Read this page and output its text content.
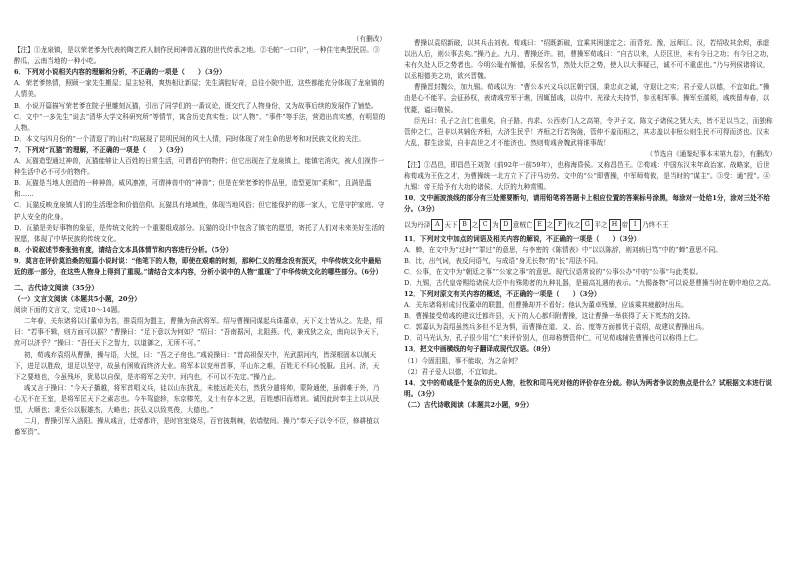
（有删改）

【注】①龙泉镇，是以荣老爹为代表的陶艺匠人制作民间神兽瓦猫的世代传承之地。②毛帕“一口印”，一种住宅典型民居。③醉瓜，云南当地的一种小吃。

6．下列对小说相关内容的理解和分析，不正确的一项是（　　）（3分）

A．荣老爹热情，照顾一家先生搬屋；屋主轻利，爽热相让新屋；先生满腔好奇，总往小院中逛，这些都能充分体现了龙泉镇的人情美。

B．小说开篇描写荣老爹在院子里雕刻瓦猫，引出了同学们的一番议论，既交代了人物身份，又为故事后续的发展作了铺垫。

C．文中“一多先生”说去“清华大学文科研究所”等情节，寓含历史真实性；以“人物”、“事件”等手法，营造出真实感，有明显的人物。

D．本文与四月份的“一个清退了的山村”均展现了昆明民间的风土人情，同时体现了对生命的思考和对民族文化的关注。

7．下列对“瓦猫”的理解，不正确的一项是（　　）（3分）

A．瓦猫造型通过神兽，瓦猫能够让人百姓的日常生活，可谓看护的物件；但它出现在了龙泉镇上，能镇宅消灾，被人们视作一种生活中必不可少的物件。

B．瓦猫是当地人创造的一种神兽，威风凛凛，可谓神兽中的“神兽”；但是在荣老爹的作品里，造型更加“柔和”，且满是温和……

C．瓦猫反映龙泉镇人们的生活理念和价值信仰。瓦猫具有地域性，体现当地风俗；但它能保护的那一家人，它是守护家庭、守护人安全的化身。

D．瓦猫是美好事物的象征，是传统文化的一个重要组成部分。瓦猫的设计中包含了镇宅的愿望，寄托了人们对未来美好生活的祝愿，体现了中华民族的传统文化。

8．小说叙述节奏张弛有度，请结合文本具体情节和内容进行分析。（5分）

9．莫言在评价莫泊桑的短篇小说时说：“他笔下的人物，即使在艰难的时刻，那种仁义的理念没有泯灭，中华传统文化中最贴近的那一部分，在这些人物身上得到了重现。”请结合文本内容，分析小说中的人物“重现”了中华传统文化的哪些部分。（6分）

二、古代诗文阅读（35分）

（一）文言文阅读（本题共5小题，20分）

阅读下面的文言文，完成10～14题。

二年春，关东诸将以讨董卓为名，推袁绍为盟主，曹操为奋武将军。绍与曹操同谋起兵诛董卓，天下义士皆从之。先是，绍曰：“若事不辑，则方面可以据？”曹操曰：“足下意以为何如？”绍曰：“吾南据河，北阻燕、代，兼戎狄之众，南向以争天下，庶可以济乎？”操曰：“吾任天下之智力，以道御之，无所不可。”

初，荀彧弃袁绍从曹操，操与语，大悦，曰：“吾之子房也。”彧说操曰：“昔高祖保关中，光武据河内，皆深根固本以制天下，进足以胜敌，退足以坚守，故虽有困败而终济大业。将军本以兖州首事，平山东之难，百姓无不归心悦服。且河、济，天下之要地也，今虽残坏，犹易以自保，是亦将军之关中、河内也，不可以不先定。”操乃止。

彧又言于操曰：“今天子播越，将军首唱义兵，徒以山东扰乱，未能远赴关右，然犹分遣将帅，蒙险通使，虽御难于外，乃心无不在王室，是将军匡天下之素志也。今车驾旋轸，东京榛芜，义士有存本之思，百姓感旧而增哀。诚因此时奉主上以从民望，大顺也；秉至公以服雄杰，大略也；扶弘义以致英俊，大德也。”

二月，曹操引军入洛阳。操从彧言，迁帝都许，是时宫室烧尽，百官披荆棘，依墙壁间。操乃“奉天子以令不臣，修耕植以畜军资”。

曹操以袁绍新破，以其兵击刘表。荀彧曰：“绍既新破，宜乘其困遂定之；而背兖、豫，远师江、汉，若绍收其余烬，承虚以出人后，则公事去矣。”操乃止。九月，曹操还许。初，曹操军荀彧曰：“自古以来，人臣匡世，未有今日之功；有今日之功，未有久处人臣之势者也。今明公耻有惭德，乐保名节，然处大臣之势，使人以大事疑己，诚不可不重虑也。”乃与列侯诸将议，以丞相德美之功，欲兴晋魏。

曹操晋封魏公，加九锡。荀彧以为：“曹公本兴义兵以匡朝宁国，秉忠贞之诚，守退让之实；君子爱人以德，不宜如此。”操由是心不能平。会征孙权，表请彧劳军于谯，因辄留彧，以侍中、光禄大夫持节，参丞相军事。操军至濡须，彧疾留寿春，以忧薨，谥曰敬侯。

臣光曰：孔子之言仁也重矣，自子路、冉求、公西赤门人之高第，令尹子文、陈文子诸侯之贤大夫，皆不足以当之，而独称管仲之仁，岂非以其辅佐齐桓，大济生民乎！齐桓之行若狗彘，管仲不羞而相之，其志盖以非桓公则生民不可得而济也。汉末大乱，群生涂炭，自非高世之才不能济也。然则荀彧舍魏武将谁事哉！

（节选自《通鉴纪事本末第九卷》，有删改）

【注】①昌邑，即昌邑王刘贺（前92年一前59年），也称海昏侯。又称昌邑王。②荀彧：中国东汉末年政治家、战略家，后世称荀彧为王佐之才，为曹操统一北方立下了汗马功劳。文中的“公”即曹操，中军师荀攸，是当时的“谋主”。③受：通“授”。④九锡：帝王给予有大功的诸侯、大臣的九种赏赐。

10．文中画波浪线的部分有三处需要断句，请用铅笔将答题卡上相应位置的答案标号涂黑，每涂对一处给1分，涂对三处不给分。（3分）

以为丹泽 A 天下 B 之 C 为 D 意贼亡 E 之 F 伐之 G 平之 H 帝 I 乃终不王

11．下列对文中加点的词语及相关内容的解说，不正确的一项是（　　）（3分）

A．蝉，在文中为“过时”“罪过”的意思，与李密的《陈情表》中“以以陈辞，则刘病日笃”中的“蝉”意思不同。

B．比，出气词，表反问语气，与成语“身无长物”的“长”用法不同。

C．公事，在文中为“朝廷之事”“公家之事”的意思。现代汉语常说的“公事公办”中的“公事”与此类似。

D．九锡，古代皇帝赐给诸侯大臣中有殊勋者的九种礼器，是最高礼遇的表示。“九锡备物”可以说是曹操当时在朝中地位之高。

12．下列对原文有关内容的概述，不正确的一项是（　　）（3分）

A．关东诸将形成讨伐董卓的联盟，但曹操却并不看好；他认为董卓残暴，应该乘其疲敝时出兵。

B．曹操接受荀彧的建议迁都许县，天下的人心都归附曹操，这让曹操一举获得了天下英杰的支持。

C．郭嘉认为袁绍虽然兵多但不足为惧，而曹操在道、义、治、度等方面都优于袁绍，故建议曹操出兵。

D．司马光认为，孔子很少用“仁”来评价别人，但却称赞管仲仁，可见荀彧辅佐曹操也可以称得上仁。

13．把文中画横线的句子翻译成现代汉语。（8分）

（1）今固沮阻，事不能取，为之奈何？

（2）君子爱人以德，不宜如此。

14．文中的荀彧是个复杂的历史人物，杜牧和司马光对他的评价存在分歧。你认为两者争议的焦点是什么？试根据文本进行说明。（3分）

（二）古代诗歌阅读（本题共2小题，9分）
